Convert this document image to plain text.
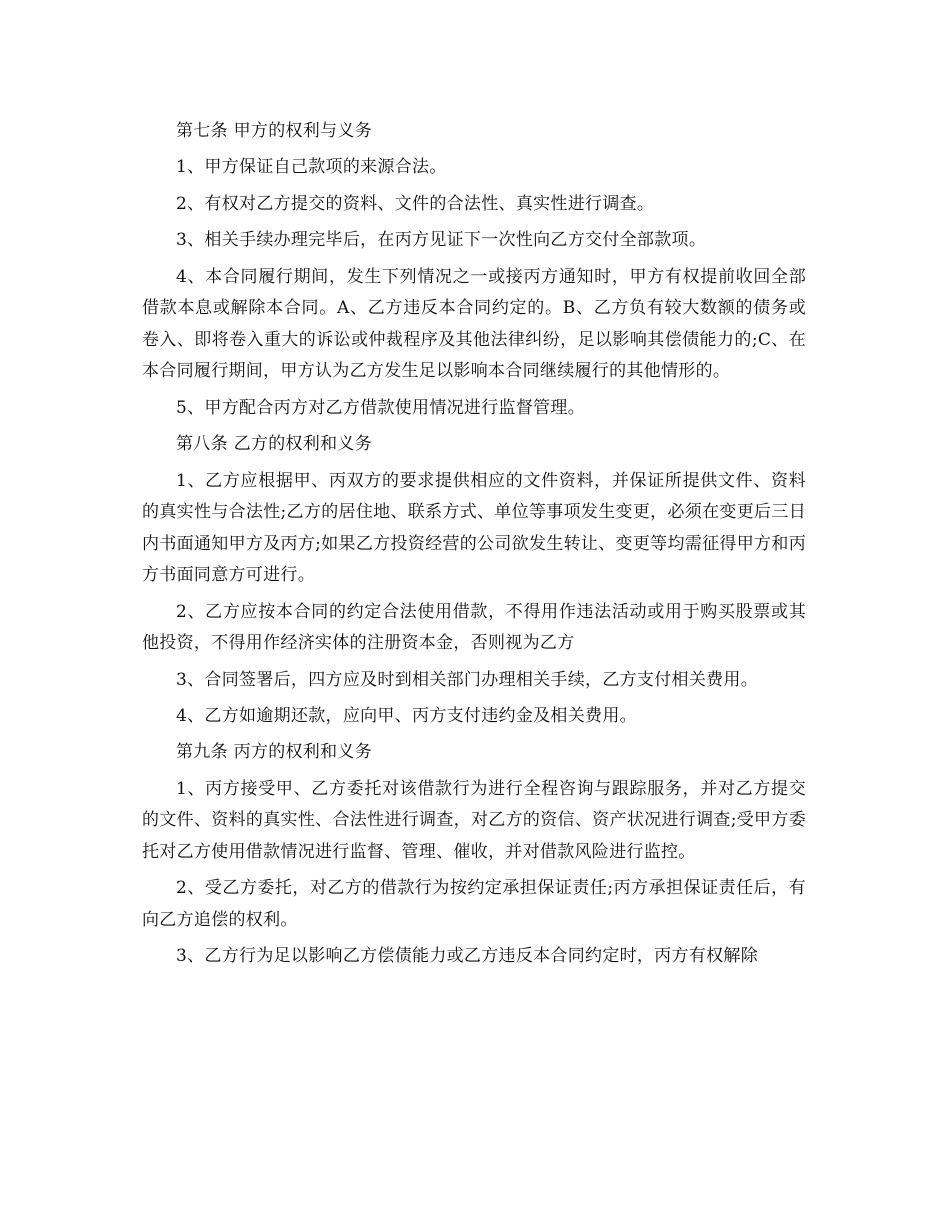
第七条 甲方的权利与义务

1、甲方保证自己款项的来源合法。

2、有权对乙方提交的资料、文件的合法性、真实性进行调查。

3、相关手续办理完毕后，在丙方见证下一次性向乙方交付全部款项。

4、本合同履行期间，发生下列情况之一或接丙方通知时，甲方有权提前收回全部借款本息或解除本合同。A、乙方违反本合同约定的。B、乙方负有较大数额的债务或卷入、即将卷入重大的诉讼或仲裁程序及其他法律纠纷，足以影响其偿债能力的;C、在本合同履行期间，甲方认为乙方发生足以影响本合同继续履行的其他情形的。

5、甲方配合丙方对乙方借款使用情况进行监督管理。

第八条 乙方的权利和义务

1、乙方应根据甲、丙双方的要求提供相应的文件资料，并保证所提供文件、资料的真实性与合法性;乙方的居住地、联系方式、单位等事项发生变更，必须在变更后三日内书面通知甲方及丙方;如果乙方投资经营的公司欲发生转让、变更等均需征得甲方和丙方书面同意方可进行。

2、乙方应按本合同的约定合法使用借款，不得用作违法活动或用于购买股票或其他投资，不得用作经济实体的注册资本金，否则视为乙方

3、合同签署后，四方应及时到相关部门办理相关手续，乙方支付相关费用。

4、乙方如逾期还款，应向甲、丙方支付违约金及相关费用。

第九条 丙方的权利和义务

1、丙方接受甲、乙方委托对该借款行为进行全程咨询与跟踪服务，并对乙方提交的文件、资料的真实性、合法性进行调查，对乙方的资信、资产状况进行调查;受甲方委托对乙方使用借款情况进行监督、管理、催收，并对借款风险进行监控。

2、受乙方委托，对乙方的借款行为按约定承担保证责任;丙方承担保证责任后，有向乙方追偿的权利。

3、乙方行为足以影响乙方偿债能力或乙方违反本合同约定时，丙方有权解除
